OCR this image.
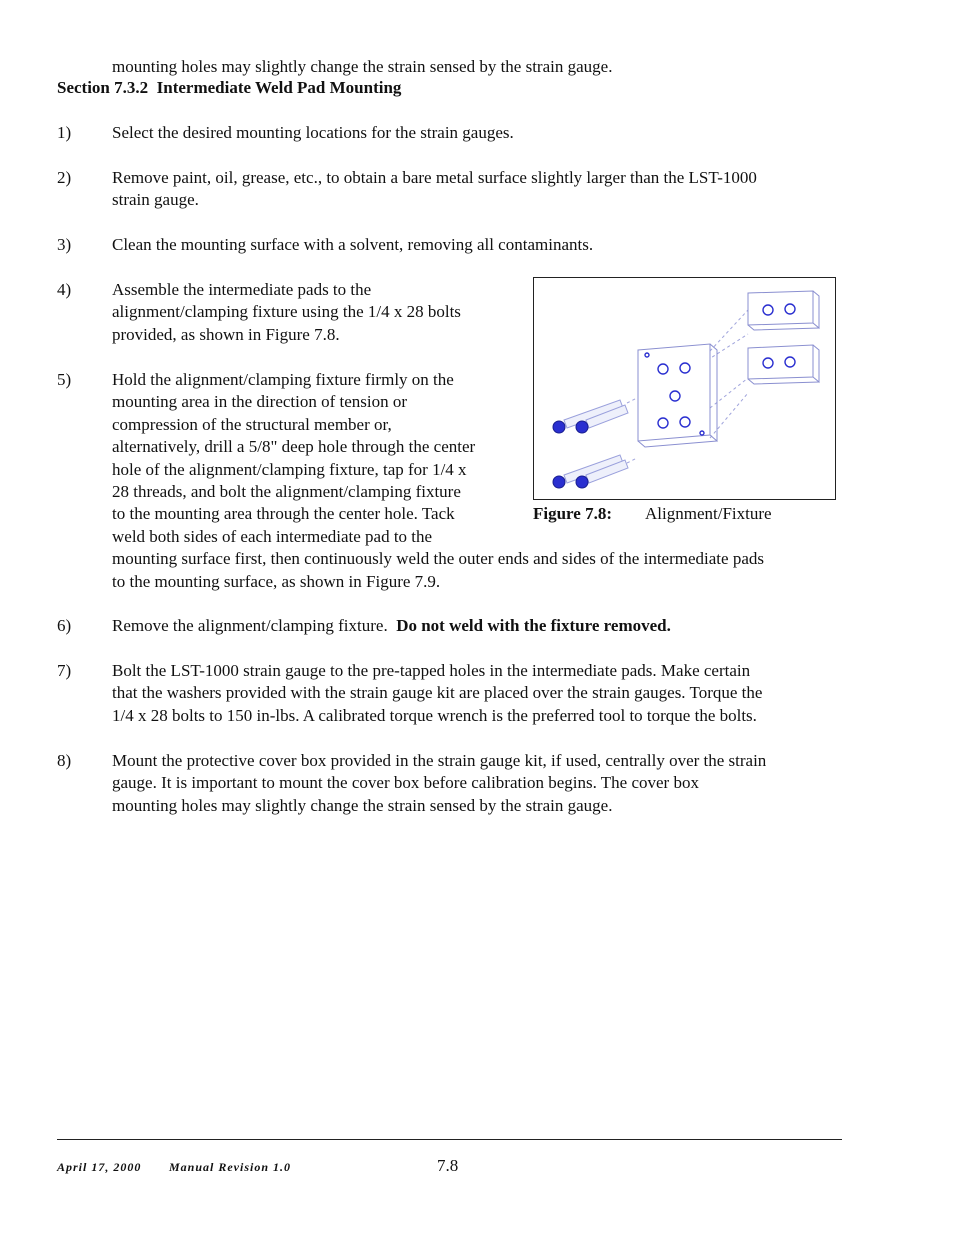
mounting holes may slightly change the strain sensed by the strain gauge.
Section 7.3.2 Intermediate Weld Pad Mounting
1) Select the desired mounting locations for the strain gauges.
2) Remove paint, oil, grease, etc., to obtain a bare metal surface slightly larger than the LST-1000
strain gauge.
3) Clean the mounting surface with a solvent, removing all contaminants.
4) Assemble the intermediate pads to the
alignment/clamping fixture using the 1/4 x 28 bolts
provided, as shown in Figure 7.8.
5) Hold the alignment/clamping fixture firmly on the
mounting area in the direction of tension or
compression of the structural member or,
alternatively, drill a 5/8" deep hole through the center
hole of the alignment/clamping fixture, tap for 1/4 x
28 threads, and bolt the alignment/clamping fixture
to the mounting area through the center hole. Tack
weld both sides of each intermediate pad to the
mounting surface first, then continuously weld the outer ends and sides of the intermediate pads
to the mounting surface, as shown in Figure 7.9.
6) Remove the alignment/clamping fixture. Do not weld with the fixture removed.
7) Bolt the LST-1000 strain gauge to the pre-tapped holes in the intermediate pads. Make certain
that the washers provided with the strain gauge kit are placed over the strain gauges. Torque the
1/4 x 28 bolts to 150 in-lbs. A calibrated torque wrench is the preferred tool to torque the bolts.
8) Mount the protective cover box provided in the strain gauge kit, if used, centrally over the strain
gauge. It is important to mount the cover box before calibration begins. The cover box
mounting holes may slightly change the strain sensed by the strain gauge.
Figure 7.8: Alignment/Fixture
April 17, 2000 Manual Revision 1.0	7.8
